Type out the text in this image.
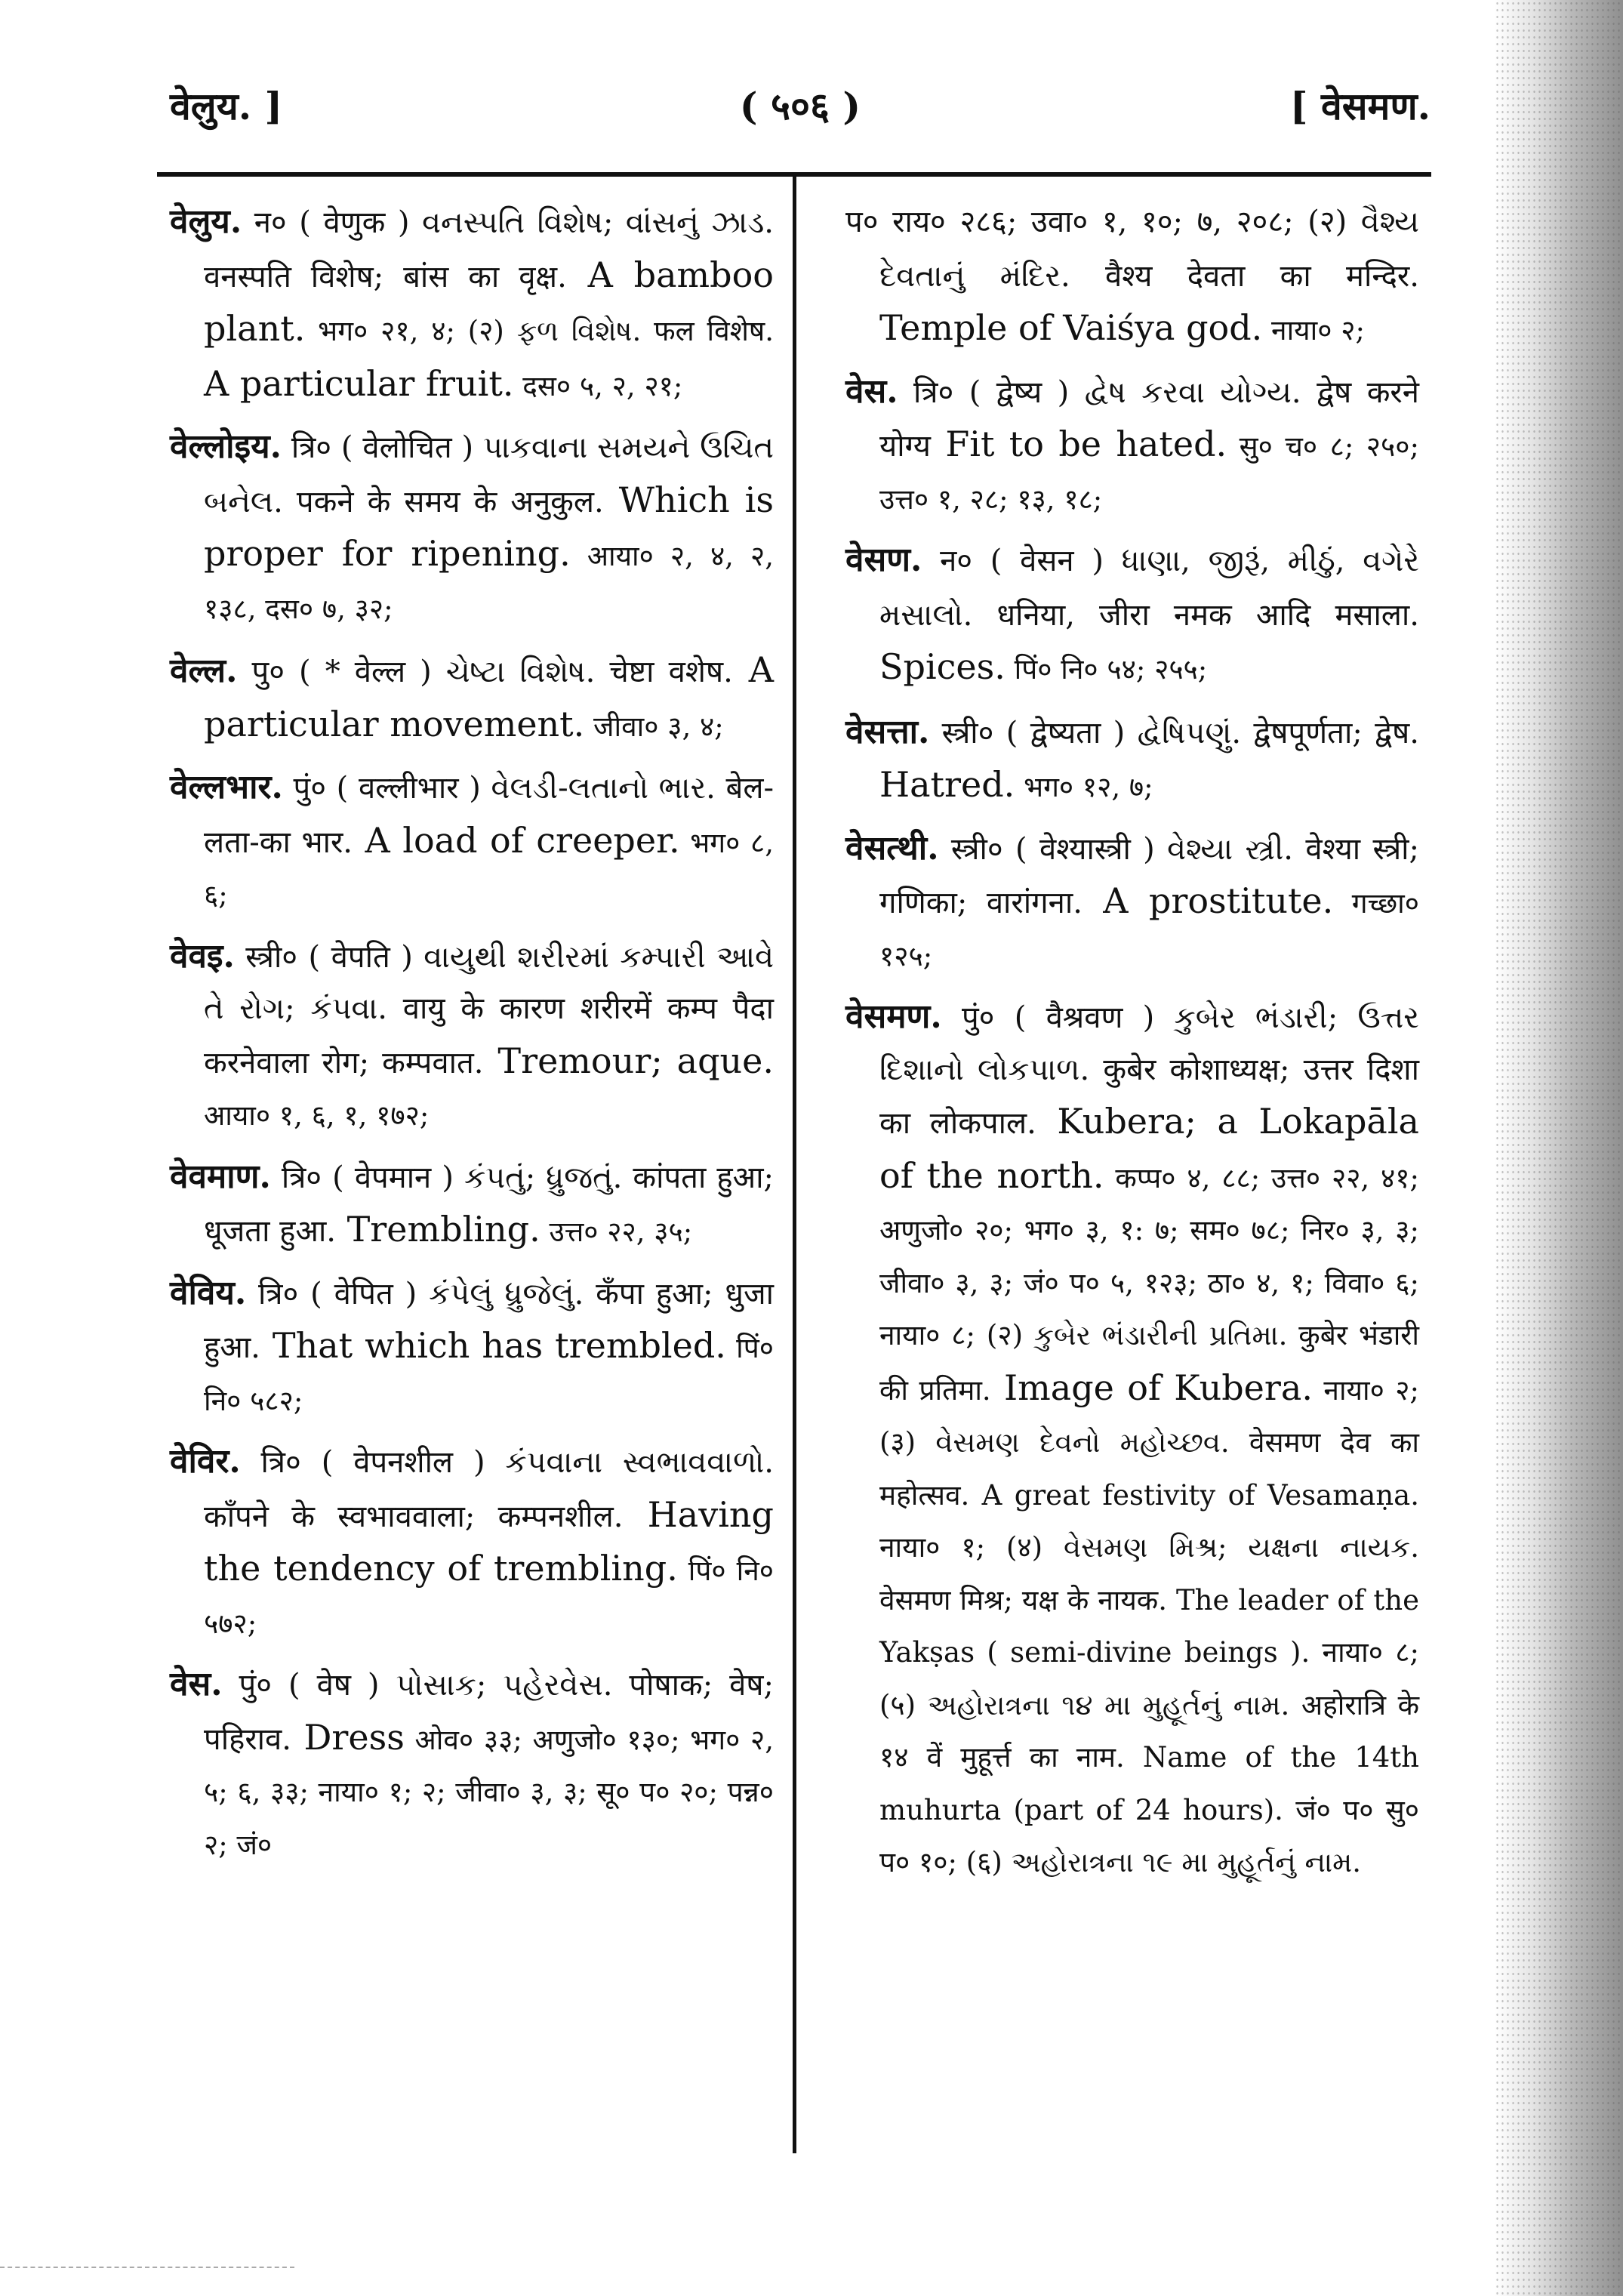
वेलुय. ]	( ५०६ )	[ वेसमण.

वेलुय. न० ( वेणुक ) વનસ્પતિ વિશેષ; વાંસનું ઝાડ. वनस्पति विशेष; बांस का वृक्ष. A bamboo plant. भग० २१, ४; (२) ફળ વિશેષ. फल विशेष. A particular fruit. दस० ५, २, २१;

वेल्लोइय. त्रि० ( वेलोचित ) પાકવાના સમયને ઉચિત બનેલ. पकने के समय के अनुकुल. Which is proper for ripening. आया० २, ४, २, १३८, दस० ७, ३२;

वेल्ल. पु० ( * वेल्ल ) ચેષ્ટા વિશેષ. चेष्टा वशेष. A particular movement. जीवा० ३, ४;

वेल्लभार. पुं० ( वल्लीभार ) વેલડી-લતાનો ભાર. बेल-लता-का भार. A load of creeper. भग० ८, ६;

वेवइ. स्त्री० ( वेपति ) વાયુથી શરીરમાં કમ્પારી આવે તે રોગ; કંપવા. वायु के कारण शरीरमें कम्प पैदा करनेवाला रोग; कम्पवात. Tremour; aque. आया० १, ६, १, १७२;

वेवमाण. त्रि० ( वेपमान ) કંપતું; ધ્રુજતું. कांपता हुआ; धूजता हुआ. Trembling. उत्त० २२, ३५;

वेविय. त्रि० ( वेपित ) કંપેલું ધ્રુજેલું. कँपा हुआ; धुजा हुआ. That which has trembled. पिं० नि० ५८२;

वेविर. त्रि० ( वेपनशील ) કંપવાના સ્વભાવવાળો. काँपने के स्वभाववाला; कम्पनशील. Having the tendency of trembling. पिं० नि० ५७२;

वेस. पुं० ( वेष ) પોસાક; પહેરવેસ. पोषाक; वेष; पहिराव. Dress ओव० ३३; अणुजो० १३०; भग० २, ५; ६, ३३; नाया० १; २; जीवा० ३, ३; सू० प० २०; पन्न० २; जं०

प० राय० २८६; उवा० १, १०; ७, २०८; (२) વૈશ્ય દેવતાનું મંદિર. वैश्य देवता का मन्दिर. Temple of Vaiśya god. नाया० २;

वेस. त्रि० ( द्वेष्य ) દ્વેષ કરવા યોગ્ય. द्वेष करने योग्य Fit to be hated. सु० च० ८; २५०; उत्त० १, २८; १३, १८;

वेसण. न० ( वेसन ) ધાણા, જીરૂં, મીઠું, વગેરે મસાલો. धनिया, जीरा नमक आदि मसाला. Spices. पिं० नि० ५४; २५५;

वेसत्ता. स्त्री० ( द्वेष्यता ) દ્વેષિપણું. द्वेषपूर्णता; द्वेष. Hatred. भग० १२, ७;

वेसत्थी. स्त्री० ( वेश्यास्त्री ) વેશ્યા સ્ત્રી. वेश्या स्त्री; गणिका; वारांगना. A prostitute. गच्छा० १२५;

वेसमण. पुं० ( वैश्रवण ) કુબેર ભંડારી; ઉત્તર દિશાનો લોકપાળ. कुबेर कोशाध्यक्ष; उत्तर दिशा का लोकपाल. Kubera; a Lokapāla of the north. कप्प० ४, ८८; उत्त० २२, ४१; अणुजो० २०; भग० ३, १: ७; सम० ७८; निर० ३, ३; जीवा० ३, ३; जं० प० ५, १२३; ठा० ४, १; विवा० ६; नाया० ८; (२) કુબેર ભંડારીની પ્રતિમા. कुबेर भंडारी की प्रतिमा. Image of Kubera. नाया० २; (३) વેસમણ દેવનો મહોચ્છવ. वेसमण देव का महोत्सव. A great festivity of Vesamaṇa. नाया० १; (४) વેસમણ મિશ્ર; યક્ષના નાયક. वेसमण मिश्र; यक्ष के नायक. The leader of the Yakṣas ( semi-divine beings ). नाया० ८; (५) અહોરાત્રના ૧૪ મા મુહૂર્તનું નામ. अहोरात्रि के १४ वें मुहूर्त्त का नाम. Name of the 14th muhurta (part of 24 hours). जं० प० सु० प० १०; (६) અહોરાત્રના ૧૯ મા મુહૂર્તનું નામ.
